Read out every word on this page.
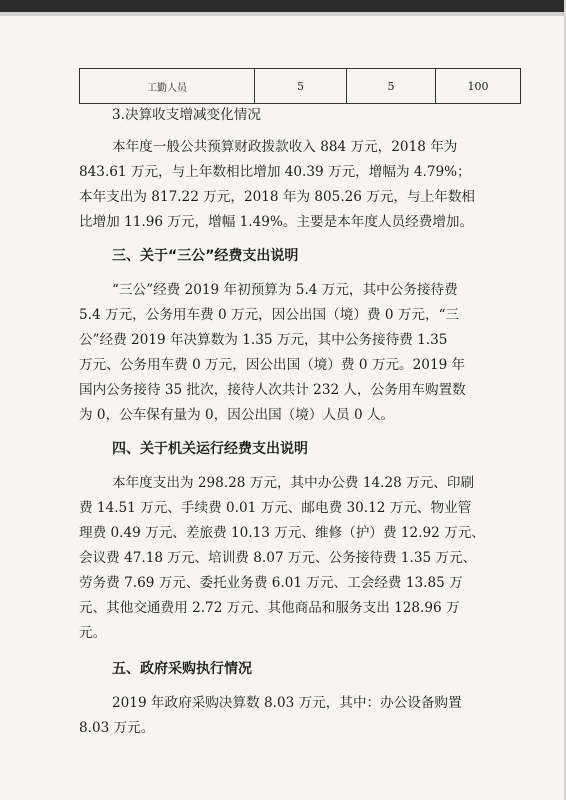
工勤人员	5	5	100
3.决算收支增减变化情况
本年度一般公共预算财政拨款收入 884 万元，2018 年为
843.61 万元，与上年数相比增加 40.39 万元，增幅为 4.79%；
本年支出为 817.22 万元，2018 年为 805.26 万元，与上年数相
比增加 11.96 万元，增幅 1.49%。主要是本年度人员经费增加。
三、关于“三公”经费支出说明
“三公”经费 2019 年初预算为 5.4 万元，其中公务接待费
5.4 万元，公务用车费 0 万元，因公出国（境）费 0 万元，“三
公”经费 2019 年决算数为 1.35 万元，其中公务接待费 1.35
万元、公务用车费 0 万元，因公出国（境）费 0 万元。2019 年
国内公务接待 35 批次，接待人次共计 232 人，公务用车购置数
为 0，公车保有量为 0，因公出国（境）人员 0 人。
四、关于机关运行经费支出说明
本年度支出为 298.28 万元，其中办公费 14.28 万元、印刷
费 14.51 万元、手续费 0.01 万元、邮电费 30.12 万元、物业管
理费 0.49 万元、差旅费 10.13 万元、维修（护）费 12.92 万元、
会议费 47.18 万元、培训费 8.07 万元、公务接待费 1.35 万元、
劳务费 7.69 万元、委托业务费 6.01 万元、工会经费 13.85 万
元、其他交通费用 2.72 万元、其他商品和服务支出 128.96 万
元。
五、政府采购执行情况
2019 年政府采购决算数 8.03 万元，其中：办公设备购置
8.03 万元。
